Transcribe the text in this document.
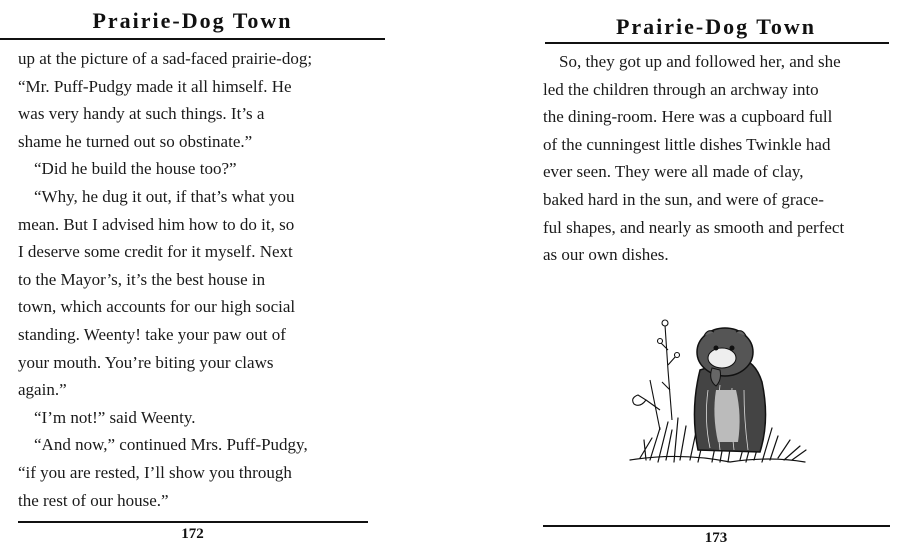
Prairie-Dog Town

up at the picture of a sad-faced prairie-dog;

“Mr. Puff-Pudgy made it all himself. He

was very handy at such things. It’s a

shame he turned out so obstinate.”

“Did he build the house too?”

“Why, he dug it out, if that’s what you

mean. But I advised him how to do it, so

I deserve some credit for it myself. Next

to the Mayor’s, it’s the best house in

town, which accounts for our high social

standing. Weenty! take your paw out of

your mouth. You’re biting your claws

again.”

“I’m not!” said Weenty.

“And now,” continued Mrs. Puff-Pudgy,

“if you are rested, I’ll show you through

the rest of our house.”

172
Prairie-Dog Town

So, they got up and followed her, and she

led the children through an archway into

the dining-room. Here was a cupboard full

of the cunningest little dishes Twinkle had

ever seen. They were all made of clay,

baked hard in the sun, and were of grace-

ful shapes, and nearly as smooth and perfect

as our own dishes.

173
